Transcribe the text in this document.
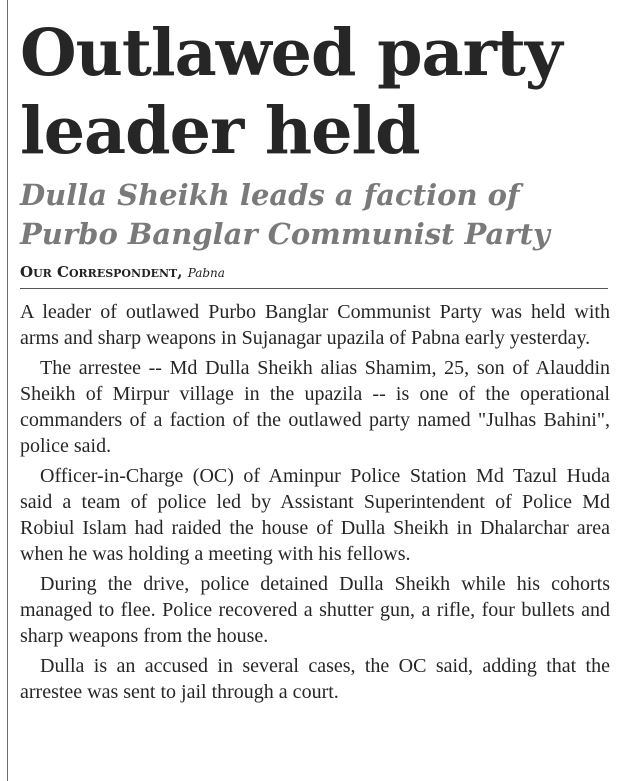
Outlawed party leader held
Dulla Sheikh leads a faction of Purbo Banglar Communist Party
Our Correspondent, Pabna

A leader of outlawed Purbo Banglar Communist Party was held with arms and sharp weapons in Sujanagar upazila of Pabna early yesterday.

The arrestee -- Md Dulla Sheikh alias Shamim, 25, son of Alauddin Sheikh of Mirpur village in the upazila -- is one of the operational commanders of a faction of the outlawed party named "Julhas Bahini", police said.

Officer-in-Charge (OC) of Aminpur Police Station Md Tazul Huda said a team of police led by Assistant Superintendent of Police Md Robiul Islam had raided the house of Dulla Sheikh in Dhalarchar area when he was holding a meeting with his fellows.

During the drive, police detained Dulla Sheikh while his cohorts managed to flee. Police recovered a shutter gun, a rifle, four bullets and sharp weapons from the house.

Dulla is an accused in several cases, the OC said, adding that the arrestee was sent to jail through a court.
